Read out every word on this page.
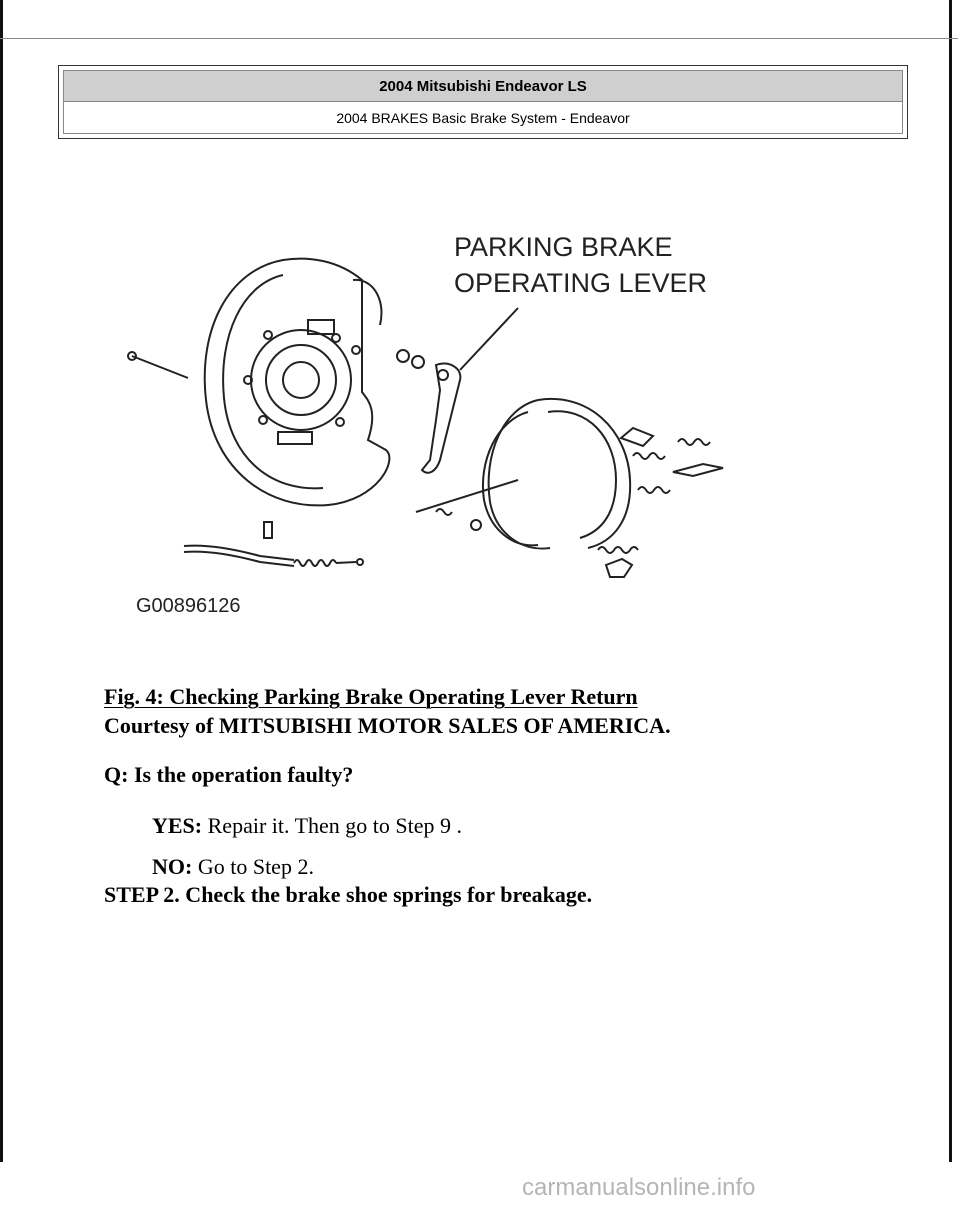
2004 Mitsubishi Endeavor LS
2004 BRAKES Basic Brake System - Endeavor
PARKING BRAKE
OPERATING LEVER
G00896126
Fig. 4: Checking Parking Brake Operating Lever Return
Courtesy of MITSUBISHI MOTOR SALES OF AMERICA.
Q: Is the operation faulty?
YES: Repair it. Then go to Step 9 .
NO: Go to Step 2.
STEP 2. Check the brake shoe springs for breakage.
carmanualsonline.info
